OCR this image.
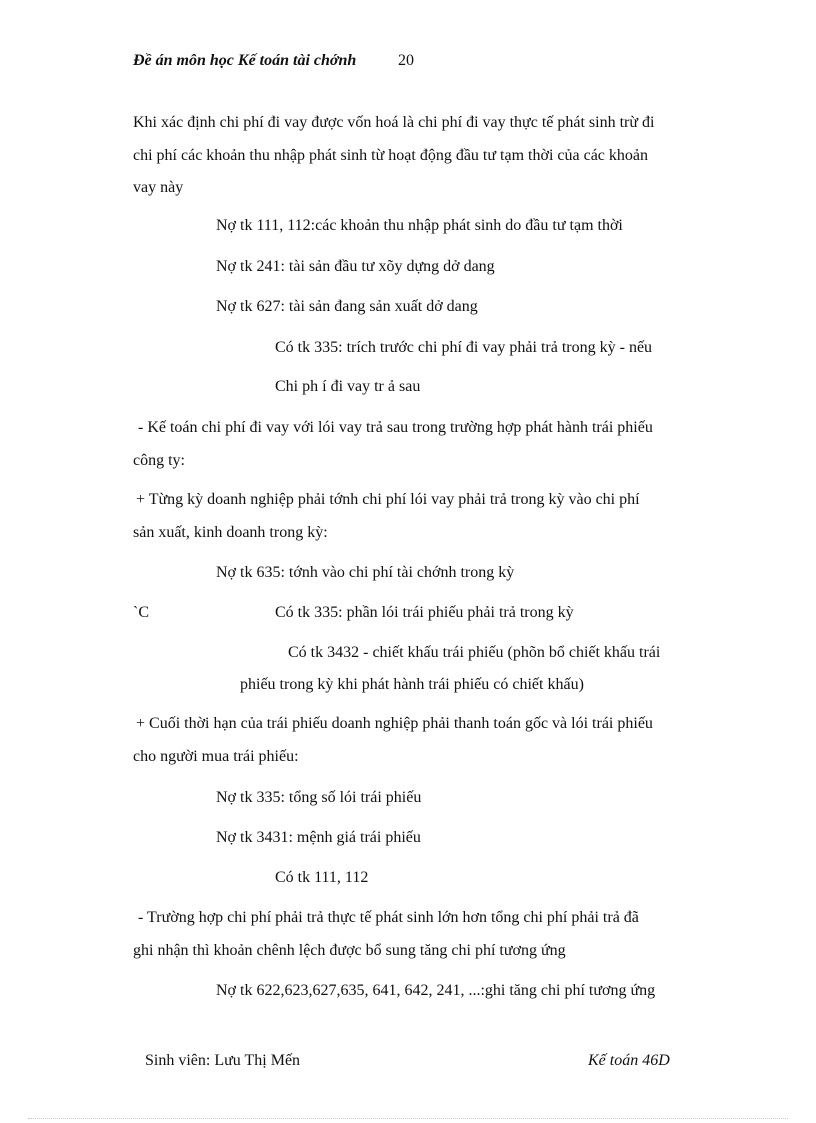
Đề án môn học Kế toán tài chớnh	20
Khi xác định chi phí đi vay được vốn hoá là chi phí đi vay thực tế phát sinh trừ đi
chi phí các khoản thu nhập phát sinh từ hoạt động đầu tư tạm thời của các khoản
vay này
Nợ tk 111, 112:các khoản thu nhập phát sinh do đầu tư tạm thời
Nợ tk 241: tài sản đầu tư xõy dựng dở dang
Nợ tk 627: tài sản đang sản xuất dở dang
Có tk 335: trích trước chi phí đi vay phải trả trong kỳ - nếu
Chi ph í đi vay tr ả sau
- Kế toán chi phí đi vay với lói vay trả sau trong trường hợp phát hành trái phiếu
công ty:
+ Từng kỳ doanh nghiệp phải tớnh chi phí lói vay phải trả trong kỳ vào chi phí
sản xuất, kinh doanh trong kỳ:
Nợ tk 635: tớnh vào chi phí tài chớnh trong kỳ
`C	Có tk 335: phần lói trái phiếu phải trả trong kỳ
Có tk 3432 - chiết khấu trái phiếu (phõn bổ chiết khấu trái
phiếu trong kỳ khi phát hành trái phiếu có chiết khấu)
+ Cuối thời hạn của trái phiếu doanh nghiệp phải thanh toán gốc và lói trái phiếu
cho người mua trái phiếu:
Nợ tk 335: tổng số lói trái phiếu
Nợ tk 3431: mệnh giá trái phiếu
Có tk 111, 112
- Trường hợp chi phí phải trả thực tế phát sinh lớn hơn tổng chi phí phải trả đã
ghi nhận thì khoản chênh lệch được bổ sung tăng chi phí tương ứng
Nợ tk 622,623,627,635, 641, 642, 241, ...:ghi tăng chi phí tương ứng
Sinh viên: Lưu Thị Mến	Kế toán 46D
